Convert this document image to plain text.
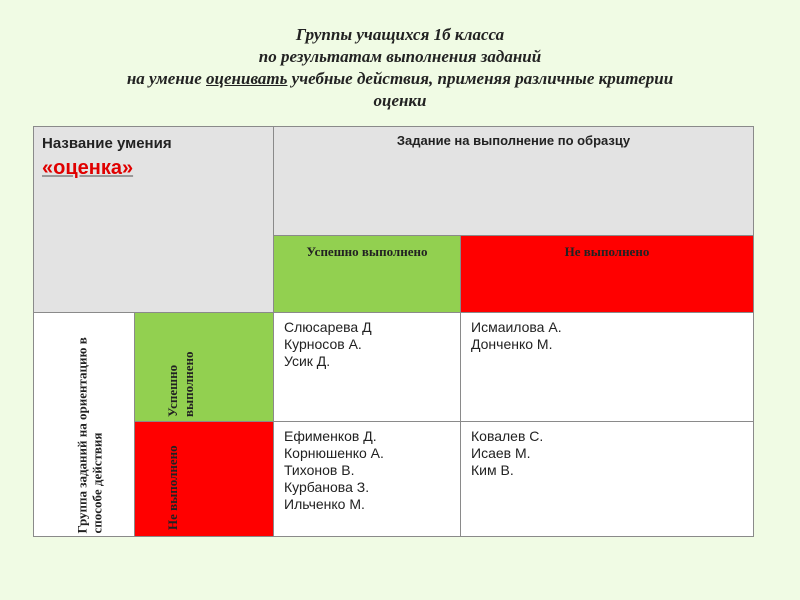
Группы учащихся 1б класса
по результатам выполнения заданий
на умение оценивать учебные действия, применяя различные критерии
оценки
Название умения
«оценка»
Задание на выполнение по образцу
Успешно выполнено	Не выполнено
Группа заданий на ориентацию в способе действия
Успешно выполнено
Не выполнено
Слюсарева Д
Курносов А.
Усик Д.
Исмаилова А.
Донченко М.
Ефименков Д.
Корнюшенко А.
Тихонов В.
Курбанова З.
Ильченко М.
Ковалев С.
Исаев М.
Ким В.
